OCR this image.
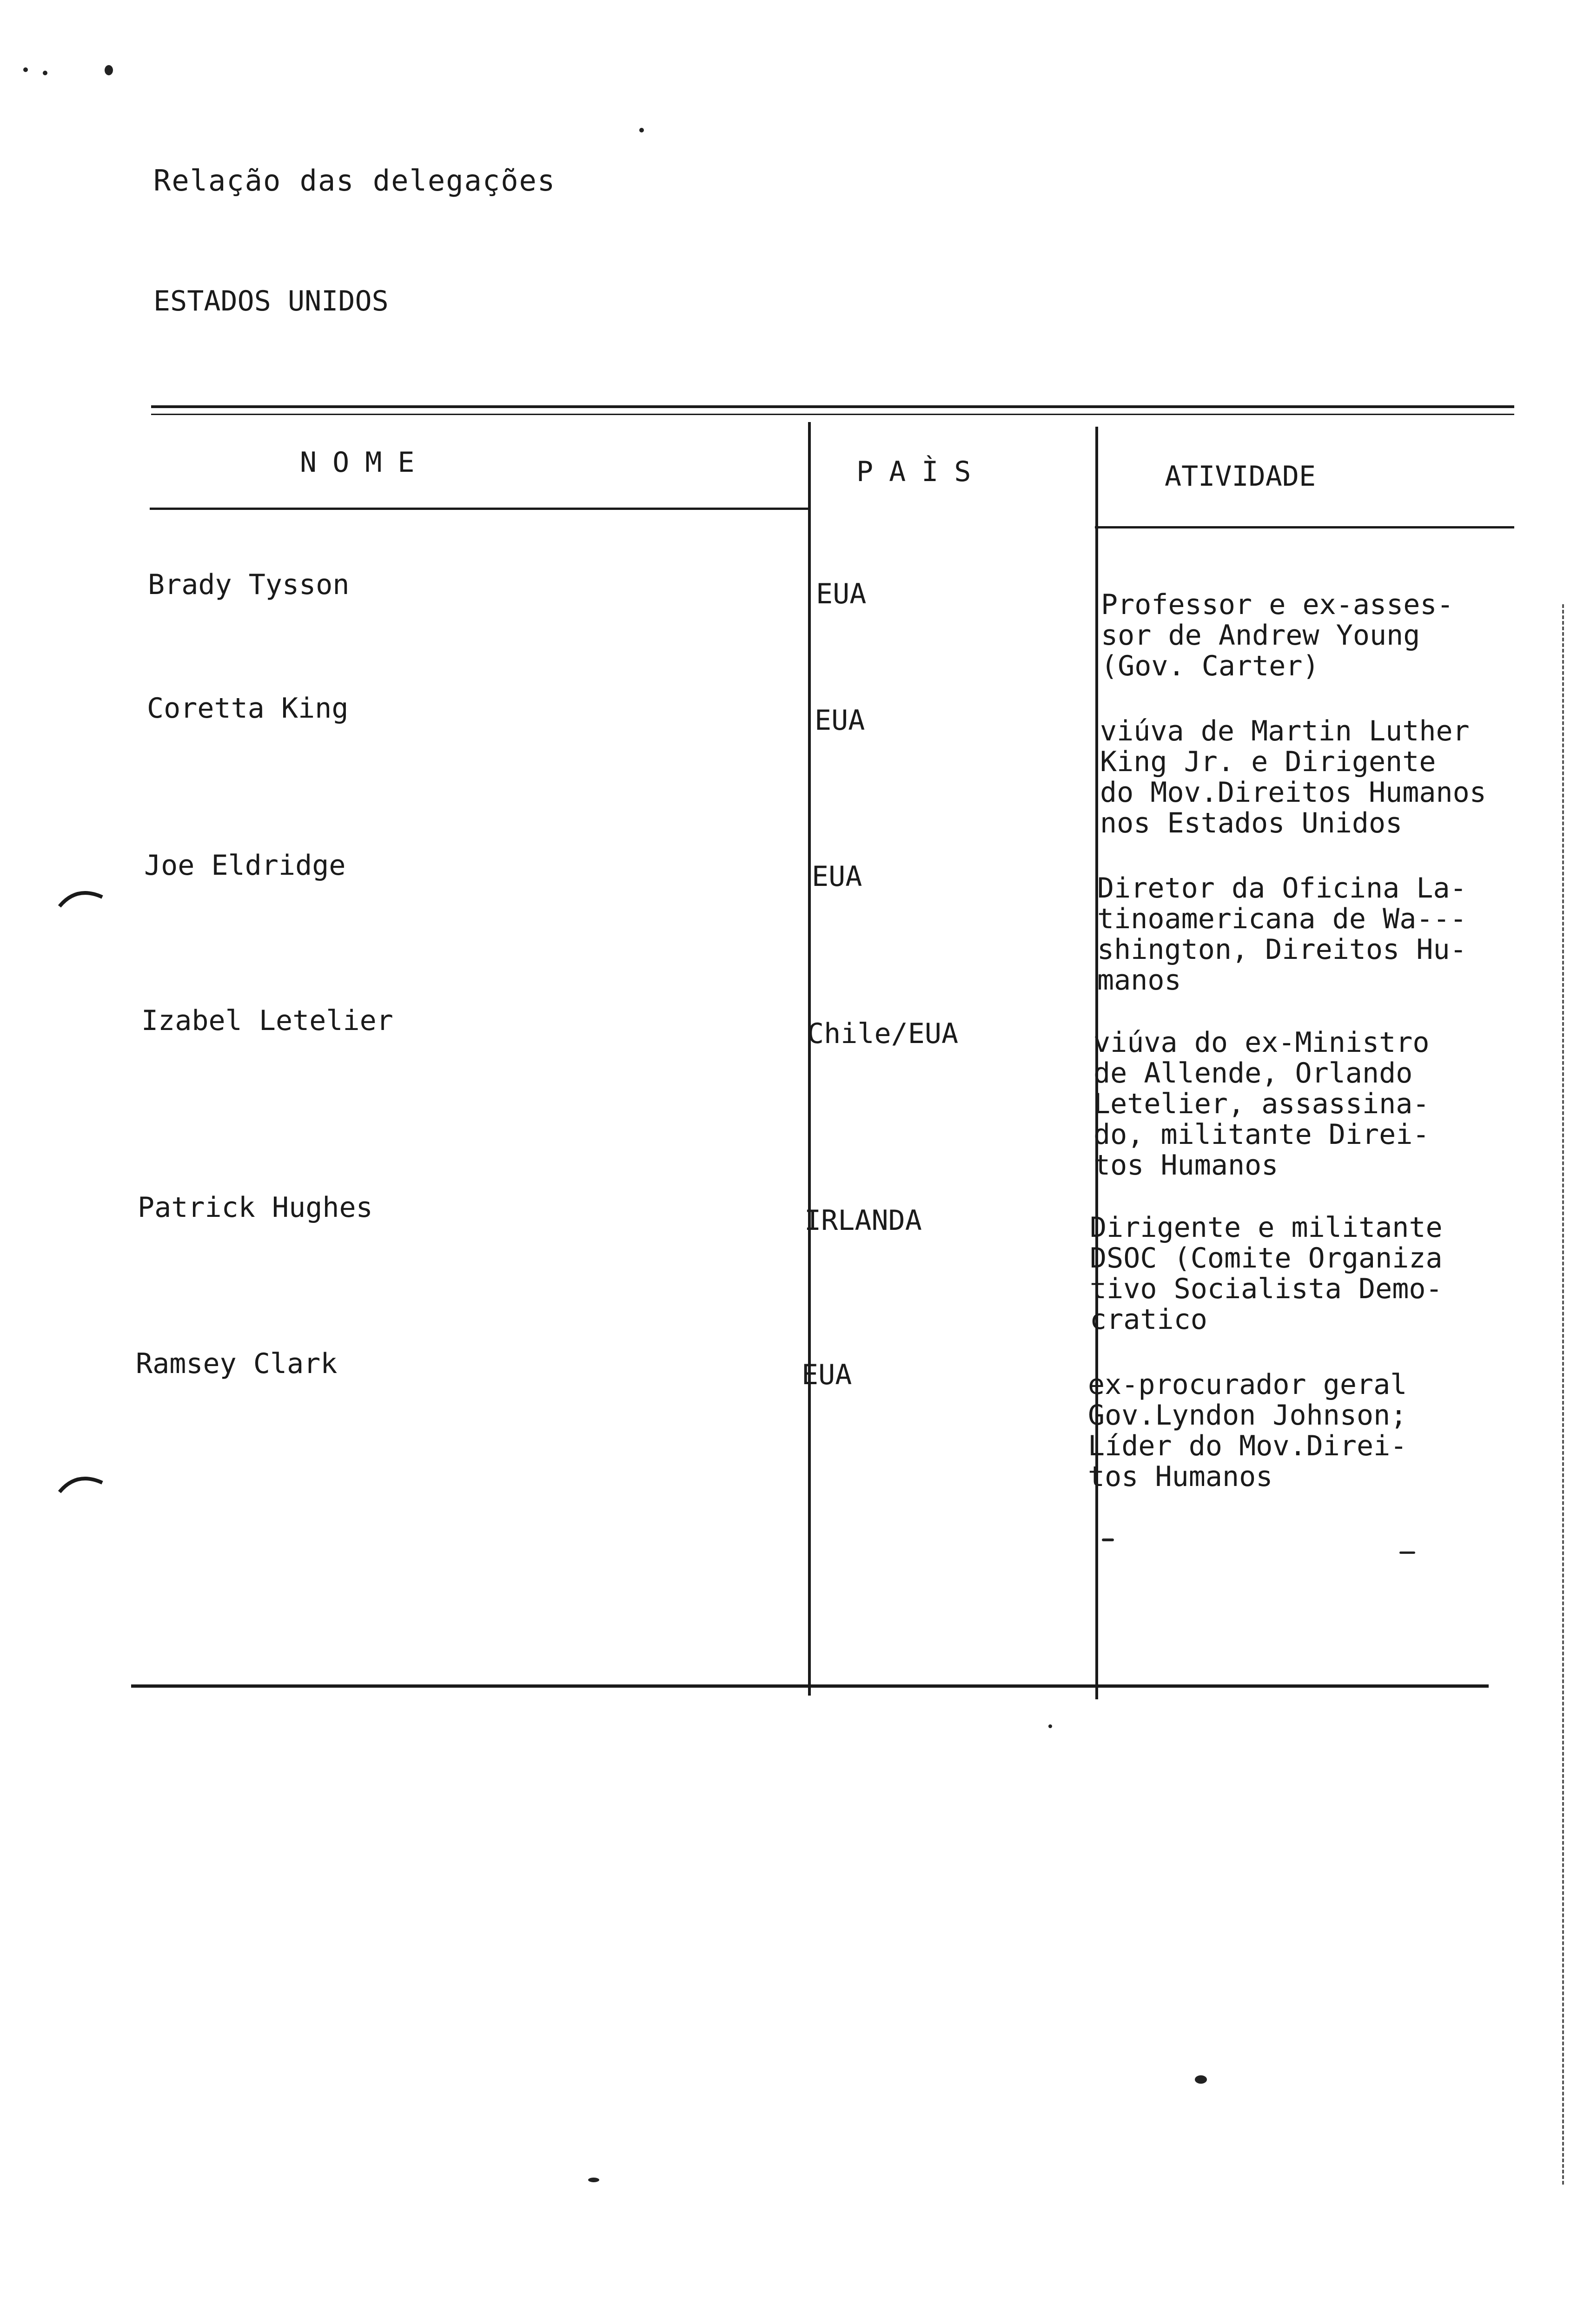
Relação das delegações
ESTADOS UNIDOS
NOME	PAÌS	ATIVIDADE
Brady Tysson	EUA	Professor e ex-asses-
sor de Andrew Young
(Gov. Carter)
Coretta King	EUA	viúva de Martin Luther
King Jr. e Dirigente
do Mov.Direitos Humanos
nos Estados Unidos
Joe Eldridge	EUA	Diretor da Oficina La-
tinoamericana de Wa---
shington, Direitos Hu-
manos
Izabel Letelier	Chile/EUA	viúva do ex-Ministro
de Allende, Orlando
Letelier, assassina-
do, militante Direi-
tos Humanos
Patrick Hughes	IRLANDA	Dirigente e militante
DSOC (Comite Organiza
tivo Socialista Demo-
cratico
Ramsey Clark	EUA	ex-procurador geral
Gov.Lyndon Johnson;
Líder do Mov.Direi-
tos Humanos
